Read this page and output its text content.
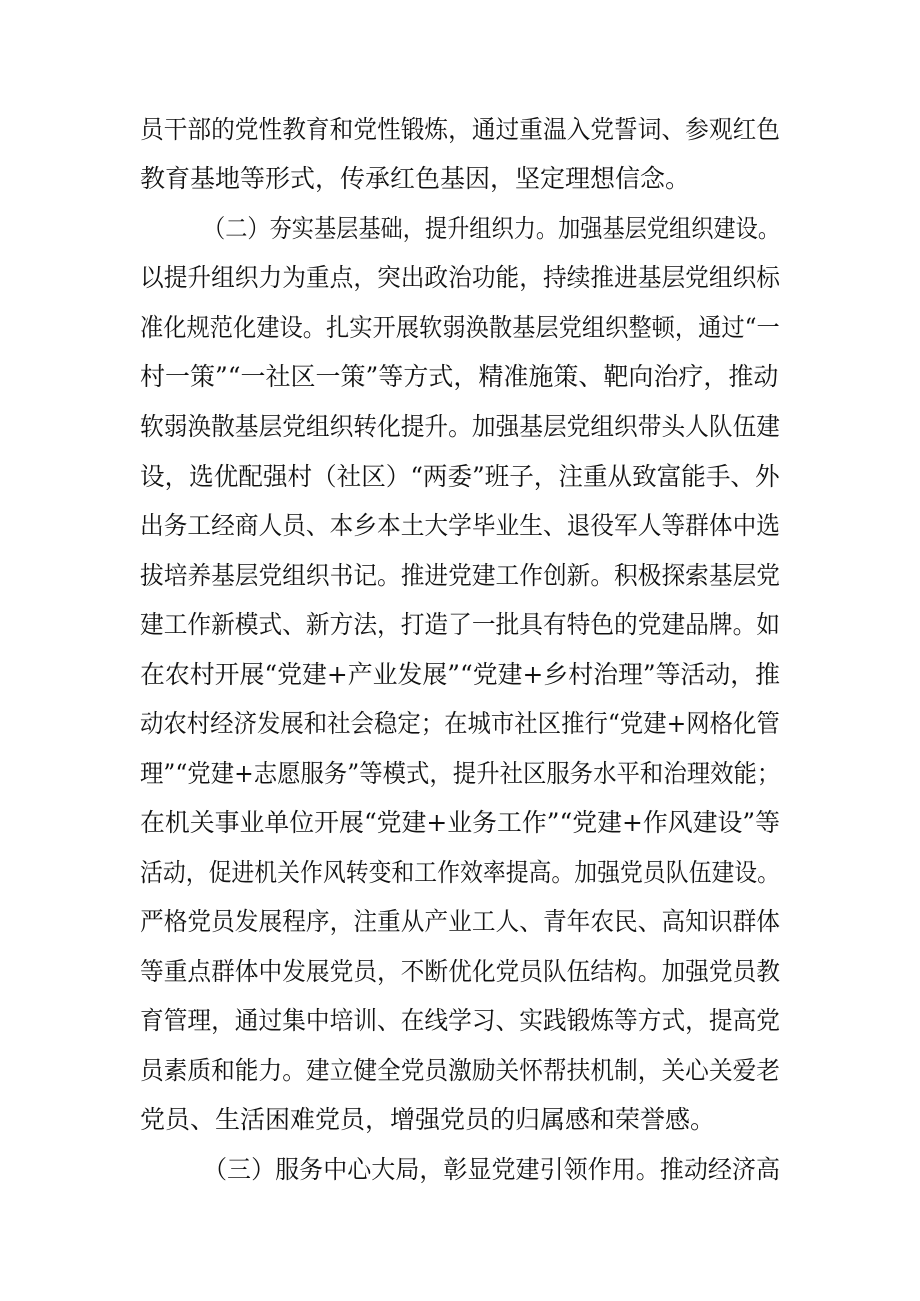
员干部的党性教育和党性锻炼，通过重温入党誓词、参观红色
教育基地等形式，传承红色基因，坚定理想信念。
（二）夯实基层基础，提升组织力。加强基层党组织建设。
以提升组织力为重点，突出政治功能，持续推进基层党组织标
准化规范化建设。扎实开展软弱涣散基层党组织整顿，通过“一
村一策”“一社区一策”等方式，精准施策、靶向治疗，推动
软弱涣散基层党组织转化提升。加强基层党组织带头人队伍建
设，选优配强村（社区）“两委”班子，注重从致富能手、外
出务工经商人员、本乡本土大学毕业生、退役军人等群体中选
拔培养基层党组织书记。推进党建工作创新。积极探索基层党
建工作新模式、新方法，打造了一批具有特色的党建品牌。如
在农村开展“党建+产业发展”“党建+乡村治理”等活动，推
动农村经济发展和社会稳定；在城市社区推行“党建+网格化管
理”“党建+志愿服务”等模式，提升社区服务水平和治理效能；
在机关事业单位开展“党建+业务工作”“党建+作风建设”等
活动，促进机关作风转变和工作效率提高。加强党员队伍建设。
严格党员发展程序，注重从产业工人、青年农民、高知识群体
等重点群体中发展党员，不断优化党员队伍结构。加强党员教
育管理，通过集中培训、在线学习、实践锻炼等方式，提高党
员素质和能力。建立健全党员激励关怀帮扶机制，关心关爱老
党员、生活困难党员，增强党员的归属感和荣誉感。
（三）服务中心大局，彰显党建引领作用。推动经济高
